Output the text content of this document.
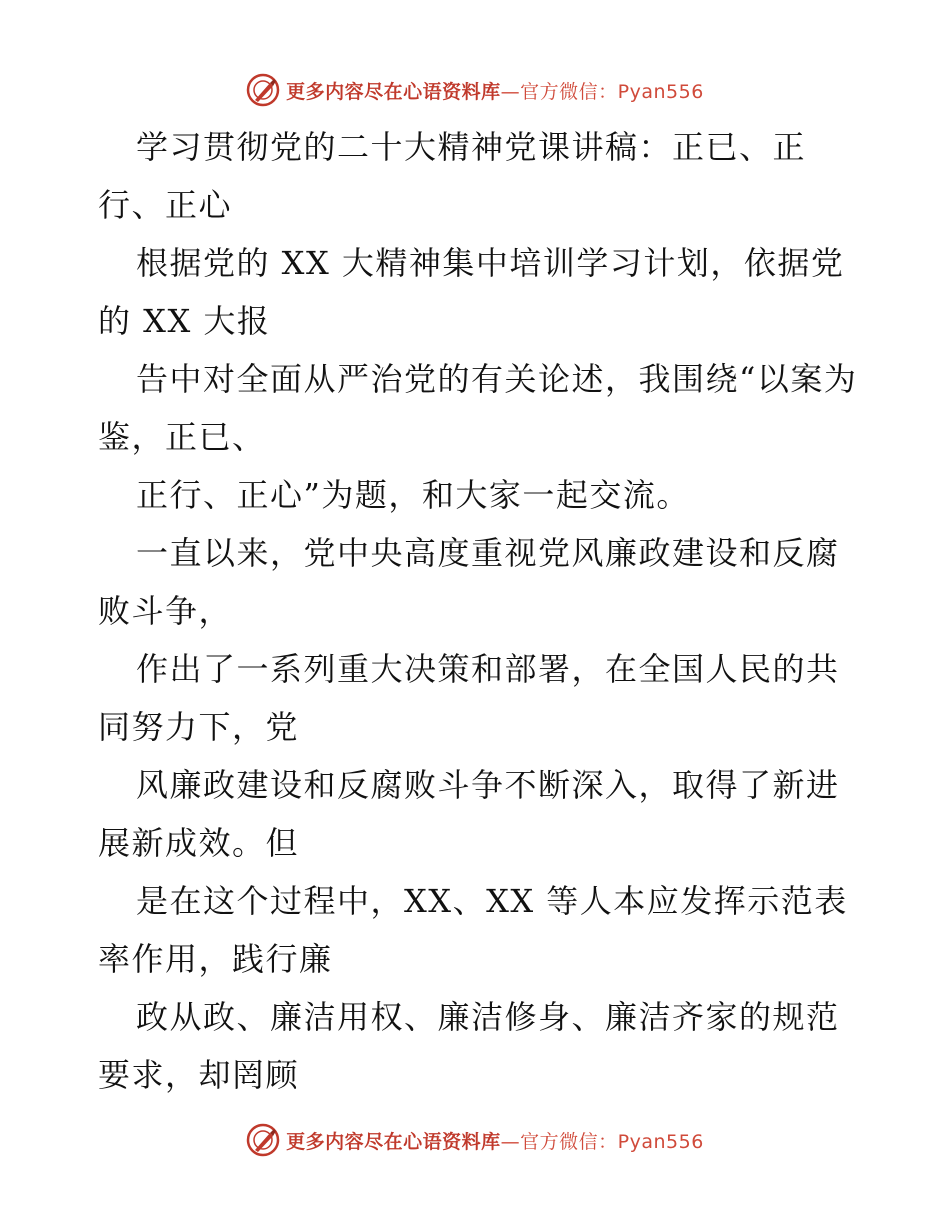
更多内容尽在心语资料库—官方微信：Pyan556

学习贯彻党的二十大精神党课讲稿：正已、正行、正心

根据党的 XX 大精神集中培训学习计划，依据党的 XX 大报

告中对全面从严治党的有关论述，我围绕“以案为鉴，正已、

正行、正心”为题，和大家一起交流。

一直以来，党中央高度重视党风廉政建设和反腐败斗争，

作出了一系列重大决策和部署，在全国人民的共同努力下，党

风廉政建设和反腐败斗争不断深入，取得了新进展新成效。但

是在这个过程中，XX、XX 等人本应发挥示范表率作用，践行廉

政从政、廉洁用权、廉洁修身、廉洁齐家的规范要求，却罔顾

更多内容尽在心语资料库—官方微信：Pyan556
